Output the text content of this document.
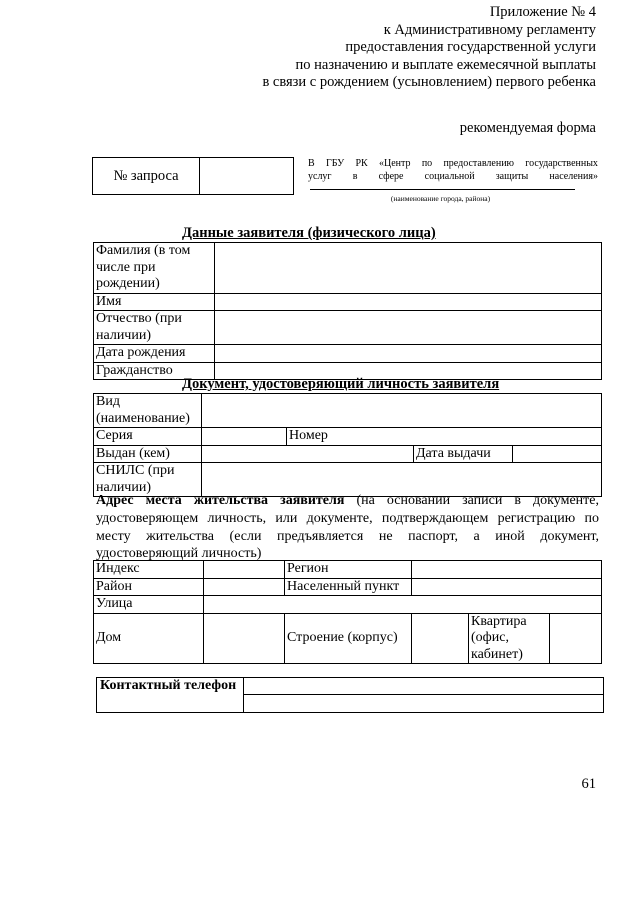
Приложение № 4
к Административному регламенту
предоставления государственной услуги
по назначению и выплате ежемесячной выплаты
в связи с рождением (усыновлением) первого ребенка
рекомендуемая форма
№ запроса
В ГБУ РК «Центр по предоставлению государственных
услуг в сфере социальной защиты населения»
(наименование города, района)
Данные заявителя (физического лица)
Фамилия (в том числе при рождении)	
Имя	
Отчество (при наличии)	
Дата рождения	
Гражданство	
Документ, удостоверяющий личность заявителя
Вид (наименование)				
Серия		Номер		
Выдан (кем)			Дата выдачи	
СНИЛС (при наличии)				
Адрес места жительства заявителя (на основании записи в документе, удостоверяющем личность, или документе, подтверждающем регистрацию по месту жительства (если предъявляется не паспорт, а иной документ, удостоверяющий личность)
Индекс		Регион			
Район		Населенный пункт			
Улица					
Дом		Строение (корпус)		Квартира (офис, кабинет)	
Контактный телефон
61
